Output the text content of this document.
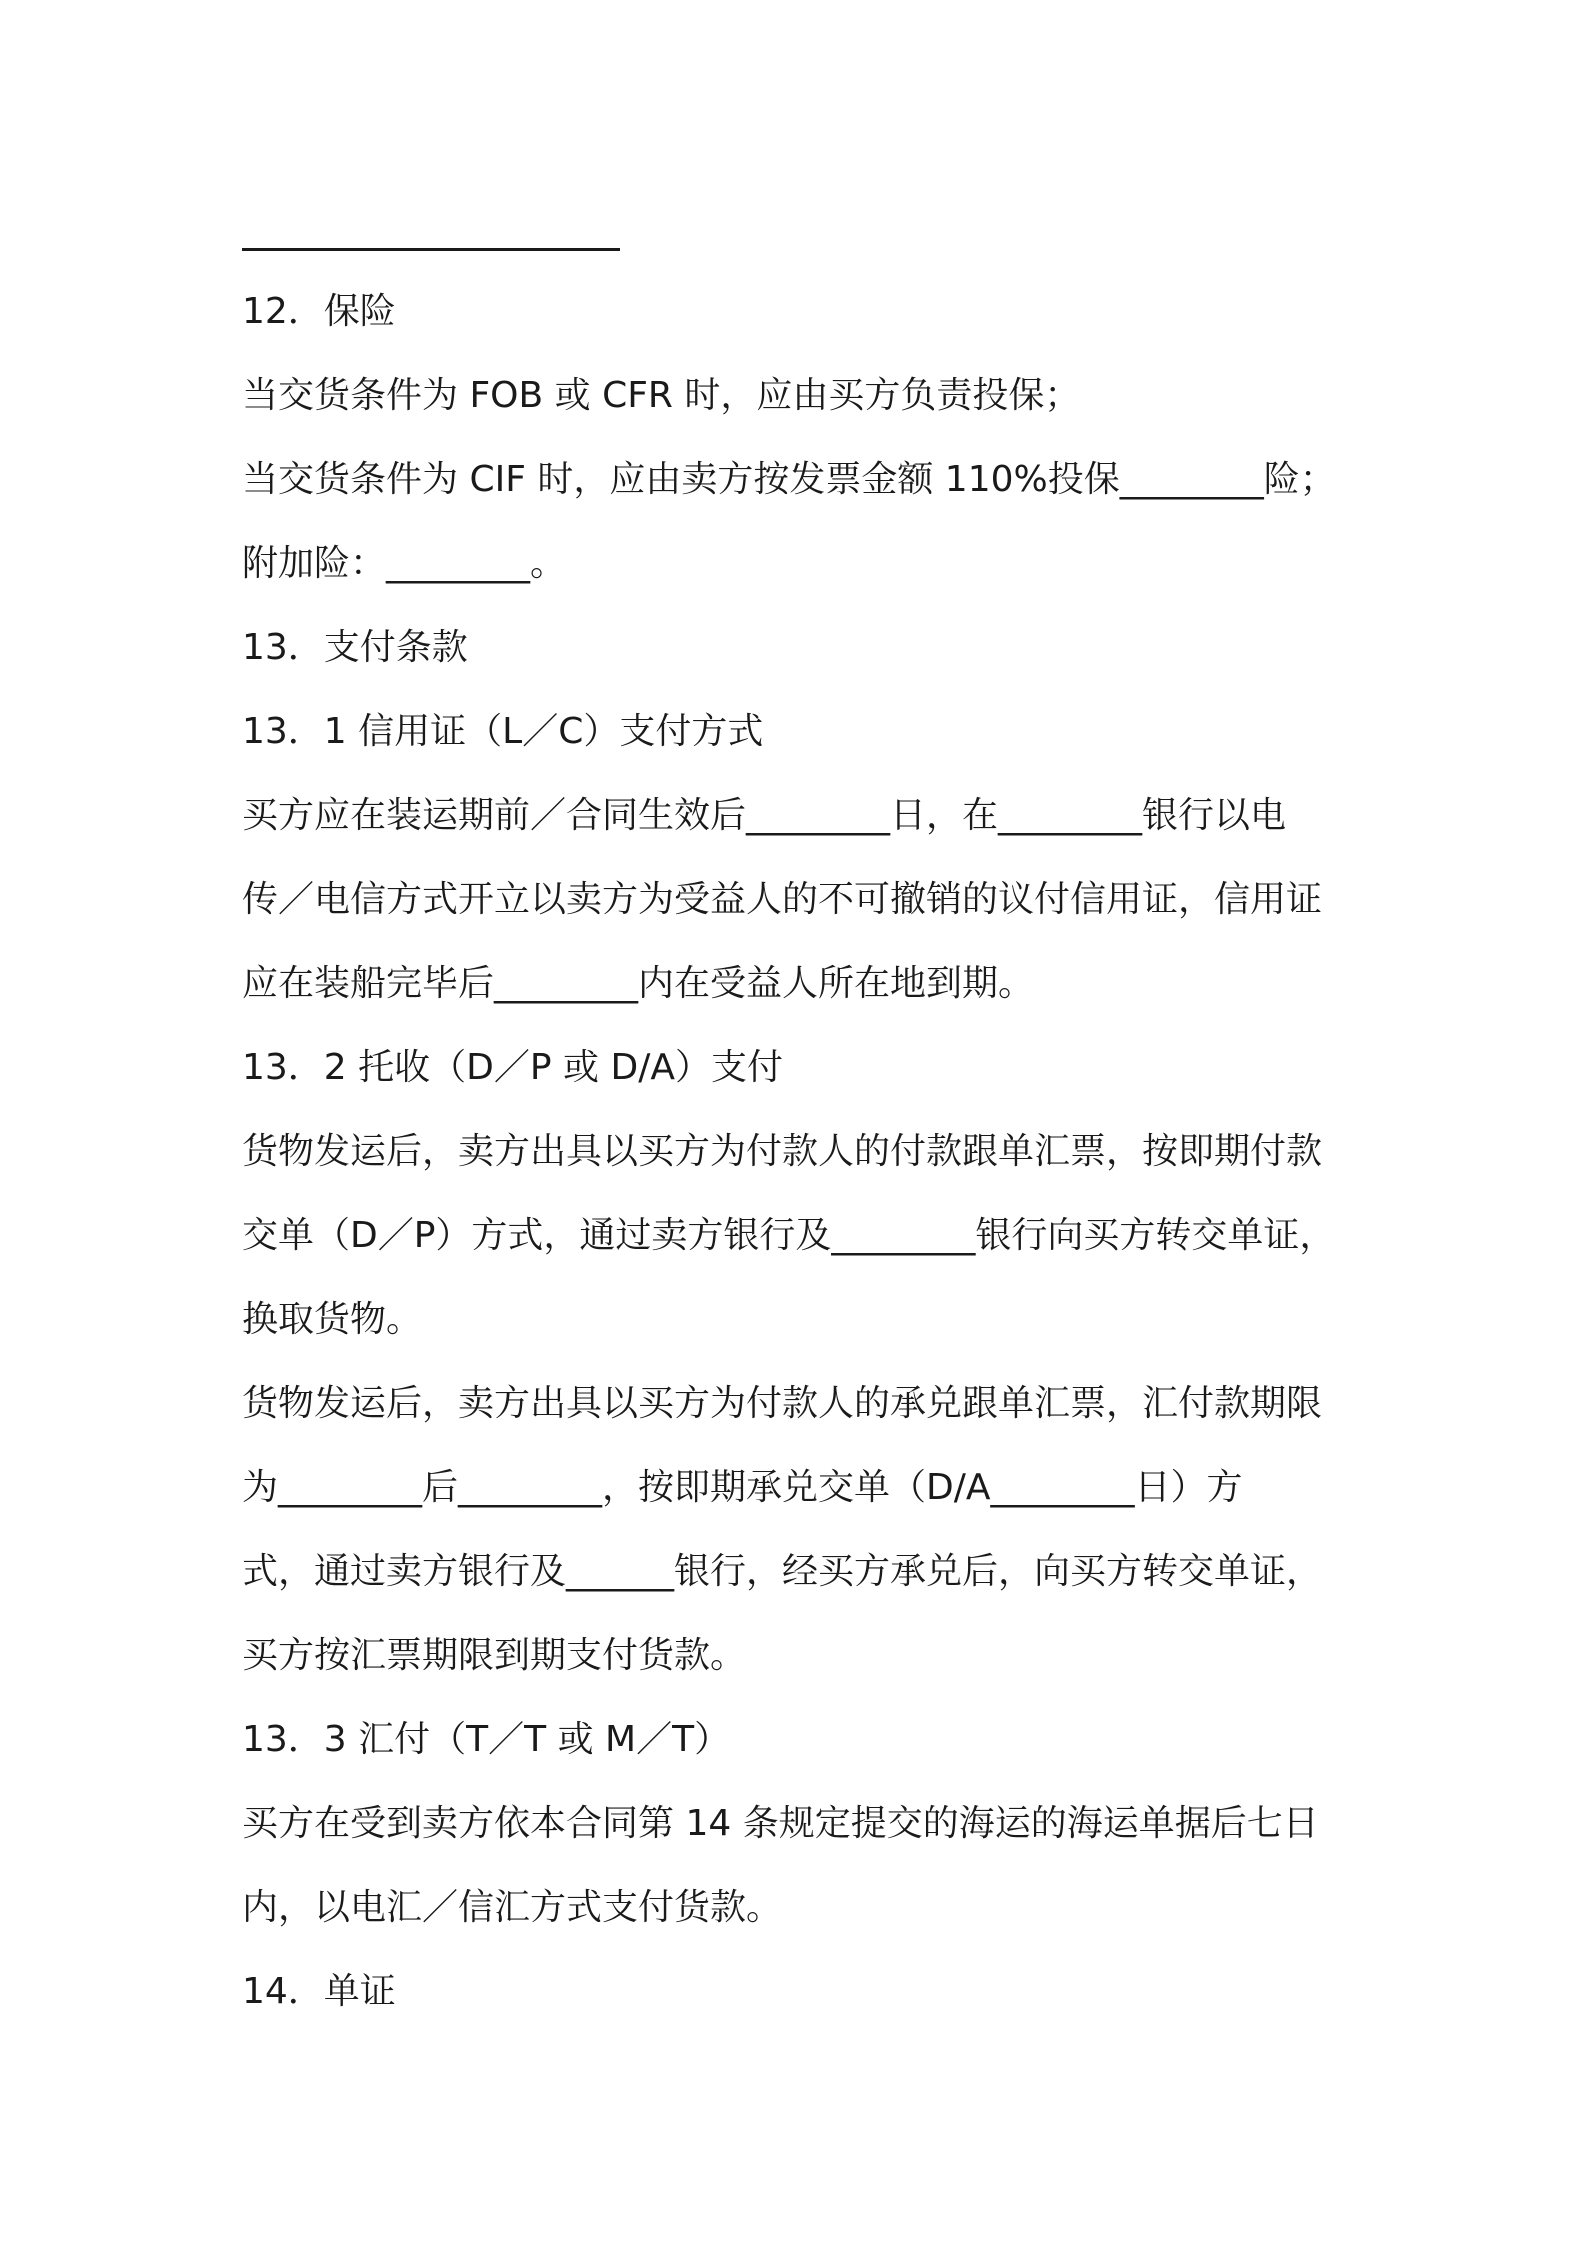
12．保险
当交货条件为 FOB 或 CFR 时，应由买方负责投保；
当交货条件为 CIF 时，应由卖方按发票金额 110%投保________险；
附加险：________。
13．支付条款
13．1 信用证（L／C）支付方式
买方应在装运期前／合同生效后________日，在________银行以电
传／电信方式开立以卖方为受益人的不可撤销的议付信用证，信用证
应在装船完毕后________内在受益人所在地到期。
13．2 托收（D／P 或 D/A）支付
货物发运后，卖方出具以买方为付款人的付款跟单汇票，按即期付款
交单（D／P）方式，通过卖方银行及________银行向买方转交单证，
换取货物。
货物发运后，卖方出具以买方为付款人的承兑跟单汇票，汇付款期限
为________后________，按即期承兑交单（D/A________日）方
式，通过卖方银行及______银行，经买方承兑后，向买方转交单证，
买方按汇票期限到期支付货款。
13．3 汇付（T／T 或 M／T）
买方在受到卖方依本合同第 14 条规定提交的海运的海运单据后七日
内，以电汇／信汇方式支付货款。
14．单证
